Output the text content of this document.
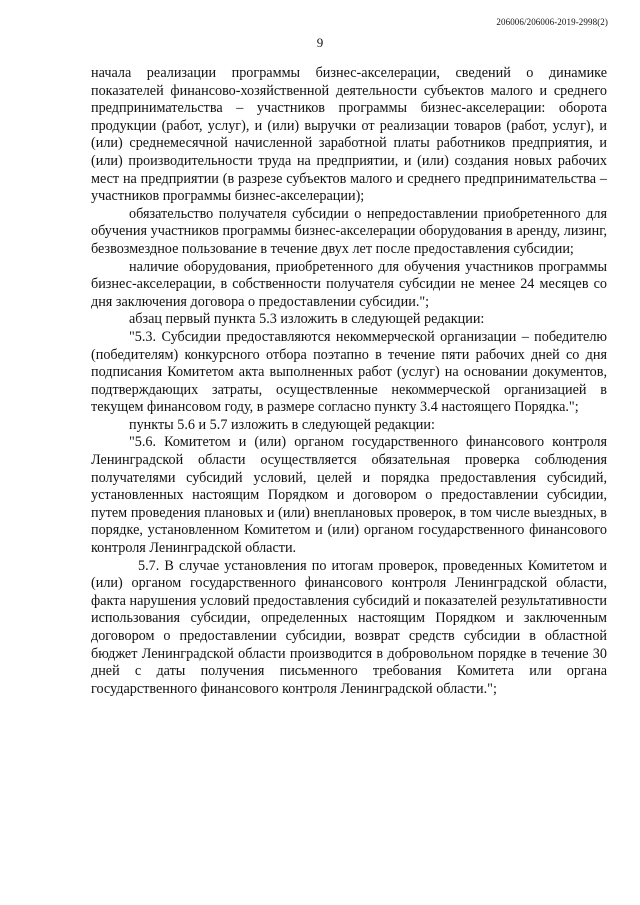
206006/206006-2019-2998(2)
9

начала реализации программы бизнес-акселерации, сведений о динамике показателей финансово-хозяйственной деятельности субъектов малого и среднего предпринимательства – участников программы бизнес-акселерации: оборота продукции (работ, услуг), и (или) выручки от реализации товаров (работ, услуг), и (или) среднемесячной начисленной заработной платы работников предприятия, и (или) производительности труда на предприятии, и (или) создания новых рабочих мест на предприятии (в разрезе субъектов малого и среднего предпринимательства – участников программы бизнес-акселерации);

обязательство получателя субсидии о непредоставлении приобретенного для обучения участников программы бизнес-акселерации оборудования в аренду, лизинг, безвозмездное пользование в течение двух лет после предоставления субсидии;

наличие оборудования, приобретенного для обучения участников программы бизнес-акселерации, в собственности получателя субсидии не менее 24 месяцев со дня заключения договора о предоставлении субсидии.";

абзац первый пункта 5.3 изложить в следующей редакции:

"5.3. Субсидии предоставляются некоммерческой организации – победителю (победителям) конкурсного отбора поэтапно в течение пяти рабочих дней со дня подписания Комитетом акта выполненных работ (услуг) на основании документов, подтверждающих затраты, осуществленные некоммерческой организацией в текущем финансовом году, в размере согласно пункту 3.4 настоящего Порядка.";

пункты 5.6 и 5.7 изложить в следующей редакции:

"5.6. Комитетом и (или) органом государственного финансового контроля Ленинградской области осуществляется обязательная проверка соблюдения получателями субсидий условий, целей и порядка предоставления субсидий, установленных настоящим Порядком и договором о предоставлении субсидии, путем проведения плановых и (или) внеплановых проверок, в том числе выездных, в порядке, установленном Комитетом и (или) органом государственного финансового контроля Ленинградской области.

5.7. В случае установления по итогам проверок, проведенных Комитетом и (или) органом государственного финансового контроля Ленинградской области, факта нарушения условий предоставления субсидий и показателей результативности использования субсидии, определенных настоящим Порядком и заключенным договором о предоставлении субсидии, возврат средств субсидии в областной бюджет Ленинградской области производится в добровольном порядке в течение 30 дней с даты получения письменного требования Комитета или органа государственного финансового контроля Ленинградской области.";
